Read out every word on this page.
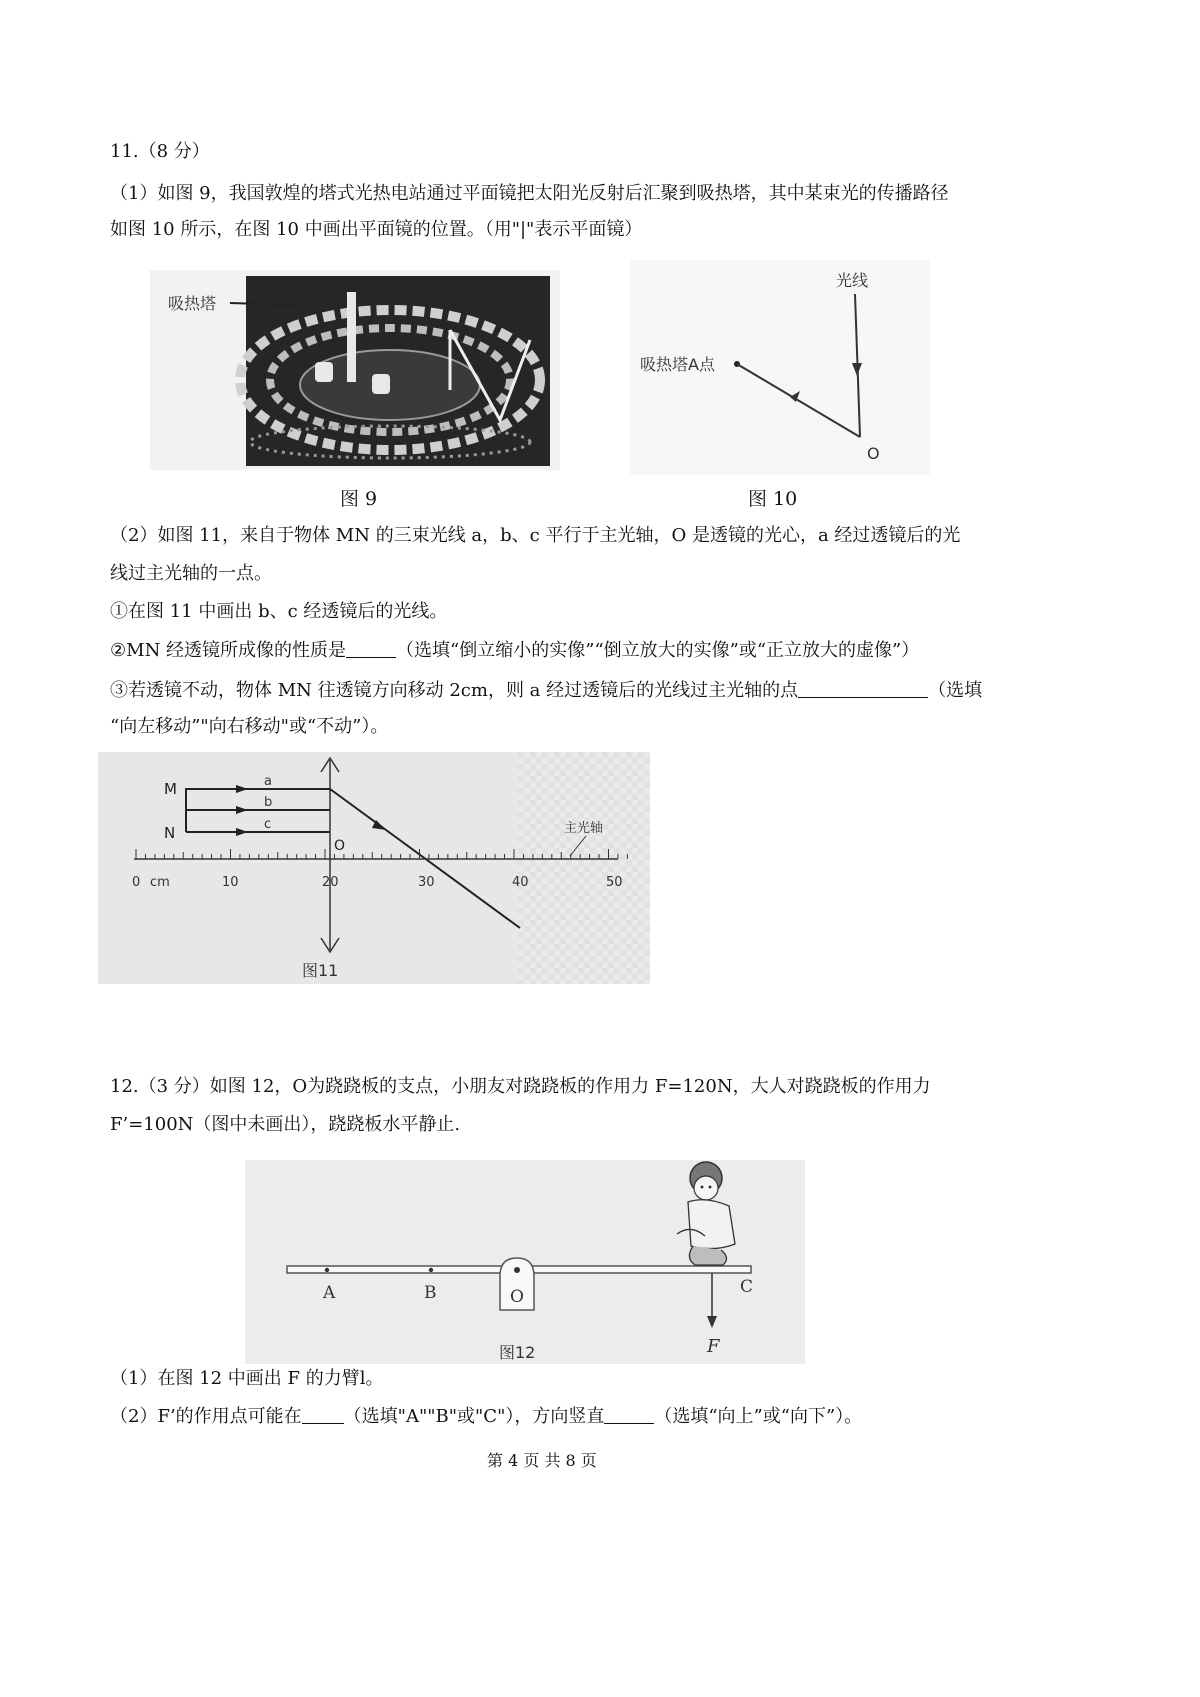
11.（8 分）
（1）如图 9，我国敦煌的塔式光热电站通过平面镜把太阳光反射后汇聚到吸热塔，其中某束光的传播路径
如图 10 所示，在图 10 中画出平面镜的位置。（用"|"表示平面镜）
吸热塔
图 9
光线
吸热塔A点
O
图 10
（2）如图 11，来自于物体 MN 的三束光线 a，b、c 平行于主光轴，O 是透镜的光心，a 经过透镜后的光
线过主光轴的一点。
①在图 11 中画出 b、c 经透镜后的光线。
②MN 经透镜所成像的性质是	（选填“倒立缩小的实像”“倒立放大的实像”或“正立放大的虚像”）
③若透镜不动，物体 MN 往透镜方向移动 2cm，则 a 经过透镜后的光线过主光轴的点	（选填
“向左移动”"向右移动"或“不动”）。
M
N
a
b
c
O
0 cm	10	20	30	40	50
主光轴
图11
12.（3 分）如图 12，O为跷跷板的支点，小朋友对跷跷板的作用力 F=120N，大人对跷跷板的作用力
F’=100N（图中未画出），跷跷板水平静止.
A	B	O	C
F
图12
（1）在图 12 中画出 F 的力臂l。
（2）F’的作用点可能在 （选填"A""B"或"C"），方向竖直	（选填“向上”或“向下”）。
第 4 页 共 8 页
